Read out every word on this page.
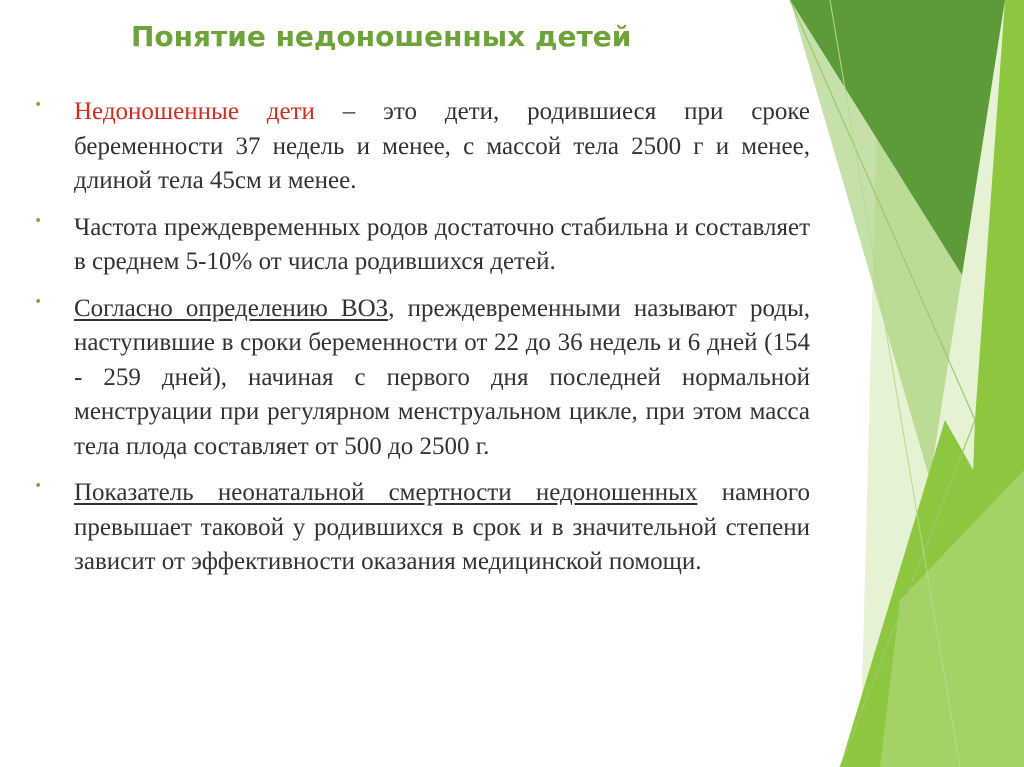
Понятие недоношенных детей
• Недоношенные дети – это дети, родившиеся при сроке беременности 37 недель и менее, с массой тела 2500 г и менее, длиной тела 45см и менее.
• Частота преждевременных родов достаточно стабильна и составляет в среднем 5-10% от числа родившихся детей.
• Согласно определению ВОЗ, преждевременными называют роды, наступившие в сроки беременности от 22 до 36 недель и 6 дней (154 - 259 дней), начиная с первого дня последней нормальной менструации при регулярном менструальном цикле, при этом масса тела плода составляет от 500 до 2500 г.
• Показатель неонатальной смертности недоношенных намного превышает таковой у родившихся в срок и в значительной степени зависит от эффективности оказания медицинской помощи.
